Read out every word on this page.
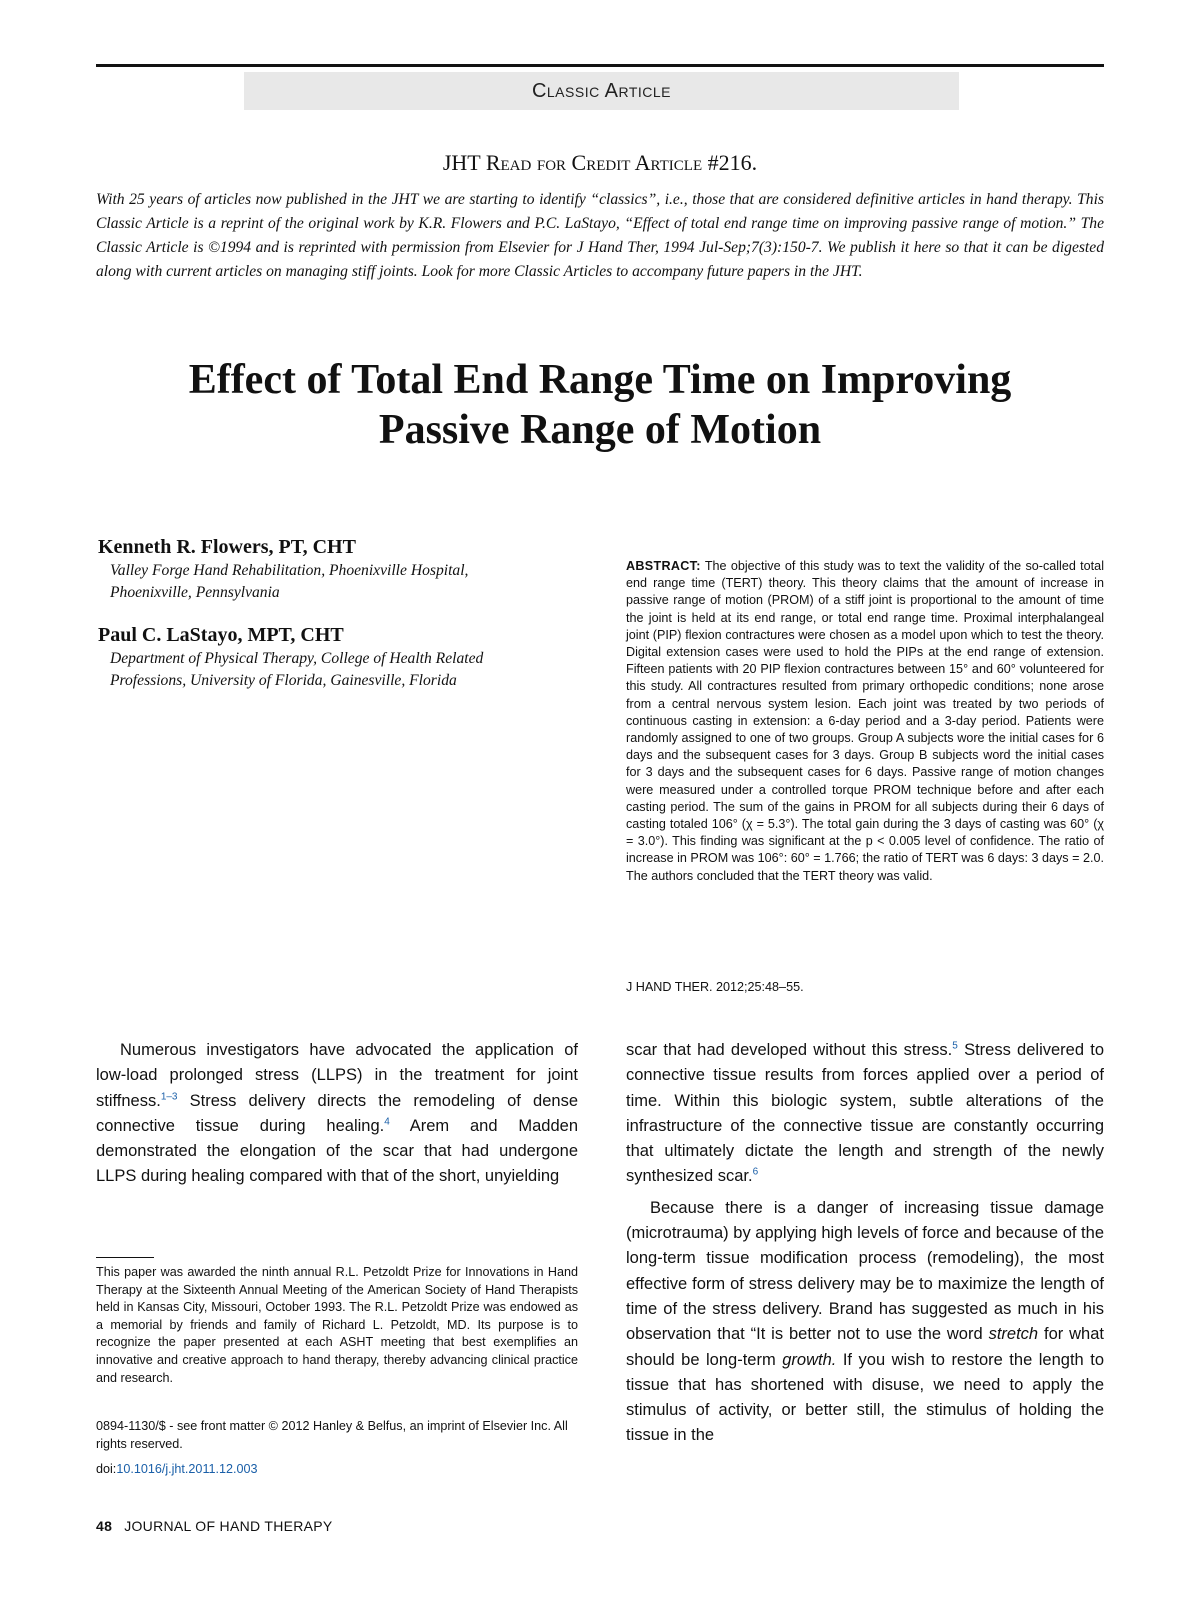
Classic Article
JHT Read for Credit Article #216.
With 25 years of articles now published in the JHT we are starting to identify “classics”, i.e., those that are considered definitive articles in hand therapy. This Classic Article is a reprint of the original work by K.R. Flowers and P.C. LaStayo, “Effect of total end range time on improving passive range of motion.” The Classic Article is ©1994 and is reprinted with permission from Elsevier for J Hand Ther, 1994 Jul-Sep;7(3):150-7. We publish it here so that it can be digested along with current articles on managing stiff joints. Look for more Classic Articles to accompany future papers in the JHT.
Effect of Total End Range Time on Improving
Passive Range of Motion
Kenneth R. Flowers, PT, CHT
Valley Forge Hand Rehabilitation, Phoenixville Hospital,
Phoenixville, Pennsylvania
Paul C. LaStayo, MPT, CHT
Department of Physical Therapy, College of Health Related
Professions, University of Florida, Gainesville, Florida
ABSTRACT: The objective of this study was to text the validity of the so-called total end range time (TERT) theory. This theory claims that the amount of increase in passive range of motion (PROM) of a stiff joint is proportional to the amount of time the joint is held at its end range, or total end range time. Proximal interphalangeal joint (PIP) flexion contractures were chosen as a model upon which to test the theory. Digital extension cases were used to hold the PIPs at the end range of extension. Fifteen patients with 20 PIP flexion contractures between 15° and 60° volunteered for this study. All contractures resulted from primary orthopedic conditions; none arose from a central nervous system lesion. Each joint was treated by two periods of continuous casting in extension: a 6-day period and a 3-day period. Patients were randomly assigned to one of two groups. Group A subjects wore the initial cases for 6 days and the subsequent cases for 3 days. Group B subjects word the initial cases for 3 days and the subsequent cases for 6 days. Passive range of motion changes were measured under a controlled torque PROM technique before and after each casting period. The sum of the gains in PROM for all subjects during their 6 days of casting totaled 106° (χ = 5.3°). The total gain during the 3 days of casting was 60° (χ = 3.0°). This finding was significant at the p < 0.005 level of confidence. The ratio of increase in PROM was 106°: 60° = 1.766; the ratio of TERT was 6 days: 3 days = 2.0. The authors concluded that the TERT theory was valid.
J HAND THER. 2012;25:48–55.

Numerous investigators have advocated the application of low-load prolonged stress (LLPS) in the treatment for joint stiffness.$^{1-3}$ Stress delivery directs the remodeling of dense connective tissue during healing.$^4$ Arem and Madden demonstrated the elongation of the scar that had undergone LLPS during healing compared with that of the short, unyielding

This paper was awarded the ninth annual R.L. Petzoldt Prize for Innovations in Hand Therapy at the Sixteenth Annual Meeting of the American Society of Hand Therapists held in Kansas City, Missouri, October 1993. The R.L. Petzoldt Prize was endowed as a memorial by friends and family of Richard L. Petzoldt, MD. Its purpose is to recognize the paper presented at each ASHT meeting that best exemplifies an innovative and creative approach to hand therapy, thereby advancing clinical practice and research.
0894-1130/$ - see front matter © 2012 Hanley & Belfus, an imprint of Elsevier Inc. All rights reserved.
doi:10.1016/j.jht.2011.12.003

scar that had developed without this stress.$^5$ Stress delivered to connective tissue results from forces applied over a period of time. Within this biologic system, subtle alterations of the infrastructure of the connective tissue are constantly occurring that ultimately dictate the length and strength of the newly synthesized scar.$^6$

Because there is a danger of increasing tissue damage (microtrauma) by applying high levels of force and because of the long-term tissue modification process (remodeling), the most effective form of stress delivery may be to maximize the length of time of the stress delivery. Brand has suggested as much in his observation that “It is better not to use the word stretch for what should be long-term growth. If you wish to restore the length to tissue that has shortened with disuse, we need to apply the stimulus of activity, or better still, the stimulus of holding the tissue in the

48 JOURNAL OF HAND THERAPY
